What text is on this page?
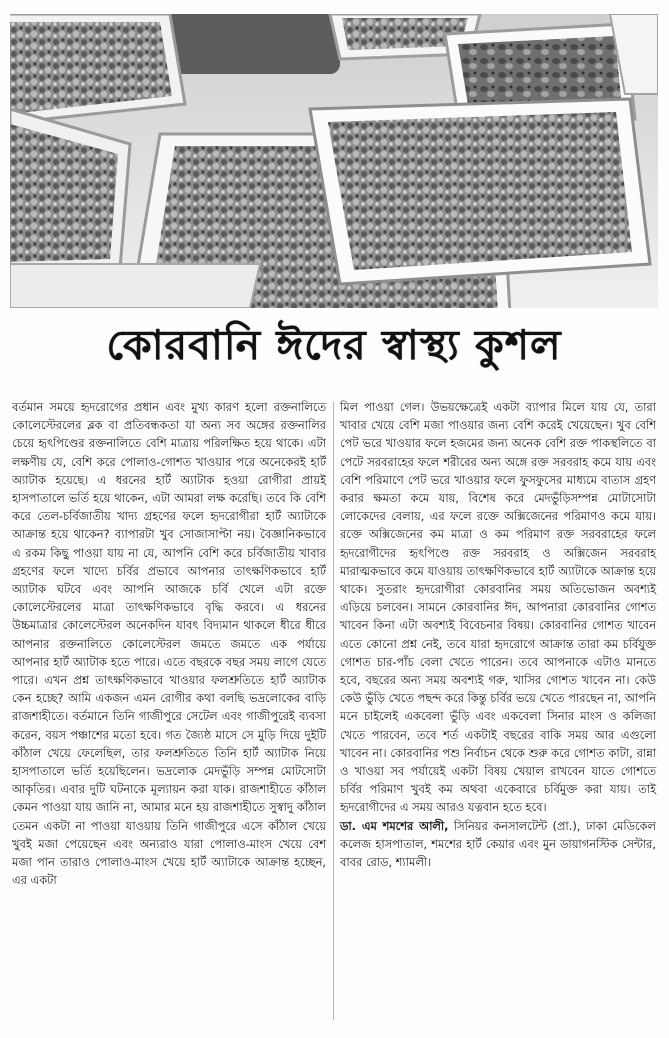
কোরবানি ঈদের স্বাস্থ্য কুশল

বর্তমান সময়ে হৃদরোগের প্রধান এবং মুখ্য কারণ হলো রক্তনালিতে কোলেস্টেরলের ব্লক বা প্রতিবন্ধকতা যা অন্য সব অঙ্গের রক্তনালির চেয়ে হৃৎপিণ্ডের রক্তনালিতে বেশি মাত্রায় পরিলক্ষিত হয়ে থাকে। এটা লক্ষণীয় যে, বেশি করে পোলাও-গোশত খাওয়ার পরে অনেকেরই হার্ট অ্যাটাক হয়েছে। এ ধরনের হার্ট অ্যাটাক হওয়া রোগীরা প্রায়ই হাসপাতালে ভর্তি হয়ে থাকেন, এটা আমরা লক্ষ করেছি। তবে কি বেশি করে তেল-চর্বিজাতীয় খাদ্য গ্রহণের ফলে হৃদরোগীরা হার্ট অ্যাটাকে আক্রান্ত হয়ে থাকেন? ব্যাপারটা খুব সোজাসাপ্টা নয়। বৈজ্ঞানিকভাবে এ রকম কিছু পাওয়া যায় না যে, আপনি বেশি করে চর্বিজাতীয় খাবার গ্রহণের ফলে খাদ্যে চর্বির প্রভাবে আপনার তাৎক্ষণিকভাবে হার্ট অ্যাটাক ঘটবে এবং আপনি আজকে চর্বি খেলে এটা রক্তে কোলেস্টেরলের মাত্রা তাৎক্ষণিকভাবে বৃদ্ধি করবে। এ ধরনের উচ্চমাত্রার কোলেস্টেরল অনেকদিন যাবৎ বিদ্যমান থাকলে ধীরে ধীরে আপনার রক্তনালিতে কোলেস্টেরল জমতে জমতে এক পর্যায়ে আপনার হার্ট অ্যাটাক হতে পারে। এতে বছরকে বছর সময় লাগে যেতে পারে। এখন প্রশ্ন তাৎক্ষণিকভাবে খাওয়ার ফলশ্রুতিতে হার্ট অ্যাটাক কেন হচ্ছে? আমি একজন এমন রোগীর কথা বলছি ভদ্রলোকের বাড়ি রাজশাহীতে। বর্তমানে তিনি গাজীপুরে সেটেল এবং গাজীপুরেই ব্যবসা করেন, বয়স পঞ্চাশের মতো হবে। গত জ্যৈষ্ঠ মাসে সে মুড়ি দিয়ে দুইটি কাঁঠাল খেয়ে ফেলেছিল, তার ফলশ্রুতিতে তিনি হার্ট অ্যাটাক নিয়ে হাসপাতালে ভর্তি হয়েছিলেন। ভদ্রলোক মেদভুঁড়ি সম্পন্ন মোটসোটা আকৃতির। এবার দুটি ঘটনাকে মূল্যায়ন করা যাক। রাজশাহীতে কাঁঠাল কেমন পাওয়া যায় জানি না, আমার মনে হয় রাজশাহীতে সুস্বাদু কাঁঠাল তেমন একটা না পাওয়া যাওয়ায় তিনি গাজীপুরে এসে কাঁঠাল খেয়ে খুবই মজা পেয়েছেন এবং অন্যরাও যারা পোলাও-মাংস খেয়ে বেশ মজা পান তারাও পোলাও-মাংস খেয়ে হার্ট অ্যাটাকে আক্রান্ত হচ্ছেন, এর একটা

মিল পাওয়া গেল। উভয়ক্ষেত্রেই একটা ব্যাপার মিলে যায় যে, তারা খাবার খেয়ে বেশি মজা পাওয়ার জন্য বেশি করেই খেয়েছেন। খুব বেশি পেট ভরে খাওয়ার ফলে হজমের জন্য অনেক বেশি রক্ত পাকস্থলিতে বা পেটে সরবরাহের ফলে শরীরের অন্য অঙ্গে রক্ত সরবরাহ কমে যায় এবং বেশি পরিমাণে পেট ভরে খাওয়ার ফলে ফুসফুসের মাধ্যমে বাতাস গ্রহণ করার ক্ষমতা কমে যায়, বিশেষ করে মেদভুঁড়িসম্পন্ন মোটাসোটা লোকেদের বেলায়, এর ফলে রক্তে অক্সিজেনের পরিমাণও কমে যায়। রক্তে অক্সিজেনের কম মাত্রা ও কম পরিমাণ রক্ত সরবরাহের ফলে হৃদরোগীদের হৃৎপিণ্ডে রক্ত সরবরাহ ও অক্সিজেন সরবরাহ মারাত্মকভাবে কমে যাওয়ায় তাৎক্ষণিকভাবে হার্ট অ্যাটাকে আক্রান্ত হয়ে থাকে। সুতরাং হৃদরোগীরা কোরবানির সময় অতিভোজন অবশ্যই এড়িয়ে চলবেন। সামনে কোরবানির ঈদ, আপনারা কোরবানির গোশত খাবেন কিনা এটা অবশ্যই বিবেচনার বিষয়। কোরবানির গোশত খাবেন এতে কোনো প্রশ্ন নেই, তবে যারা হৃদরোগে আক্রান্ত তারা কম চর্বিযুক্ত গোশত চার-পাঁচ বেলা খেতে পারেন। তবে আপনাকে এটাও মানতে হবে, বছরের অন্য সময় অবশ্যই গরু, খাসির গোশত খাবেন না। কেউ কেউ ভুঁড়ি খেতে পছন্দ করে কিন্তু চর্বির ভয়ে খেতে পারছেন না, আপনি মনে চাইলেই একবেলা ভুঁড়ি এবং একবেলা সিনার মাংস ও কলিজা খেতে পারবেন, তবে শর্ত একটাই বছরের বাকি সময় আর এগুলো খাবেন না। কোরবানির পশু নির্বাচন থেকে শুরু করে গোশত কাটা, রান্না ও খাওয়া সব পর্যায়েই একটা বিষয় খেয়াল রাখবেন যাতে গোশতে চর্বির পরিমাণ খুবই কম অথবা একেবারে চর্বিমুক্ত করা যায়। তাই হৃদরোগীদের এ সময় আরও যত্নবান হতে হবে।

ডা. এম শমশের আলী, সিনিয়র কনসালটেন্ট (প্রা.), ঢাকা মেডিকেল কলেজ হাসপাতাল, শমশের হার্ট কেয়ার এবং মুন ডায়াগনস্টিক সেন্টার, বাবর রোড, শ্যামলী।
